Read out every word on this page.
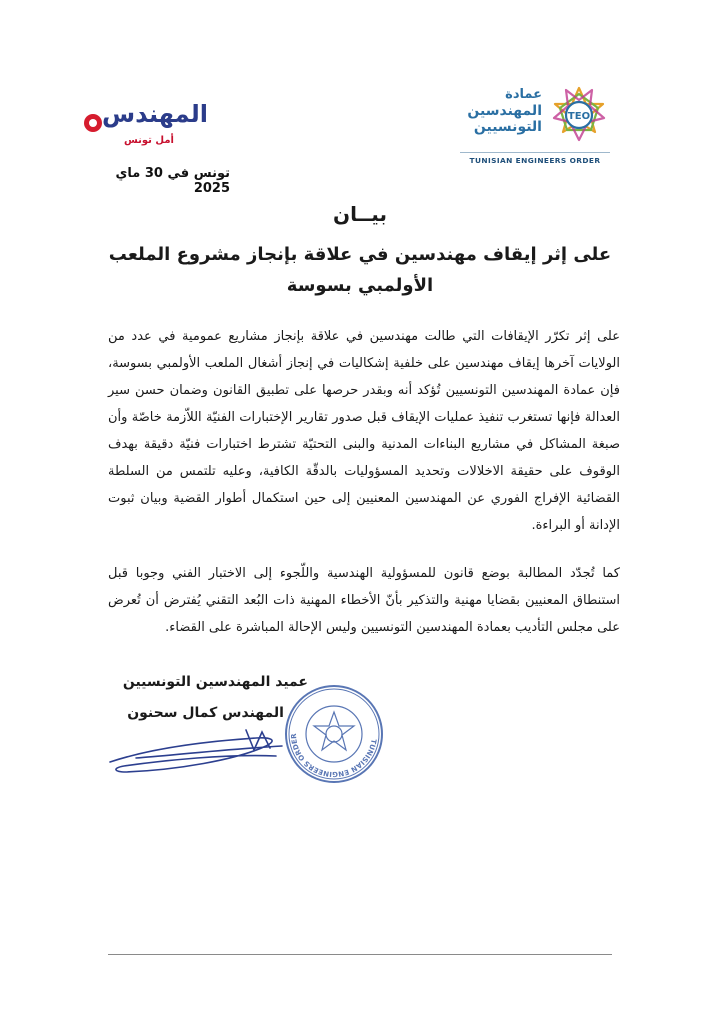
عمادة
المهندسين
التونسيين
TEO
TUNISIAN ENGINEERS ORDER
المهندس
أمل تونس
تونس في 30 ماي 2025
بيــان
على إثر إيقاف مهندسين في علاقة بإنجاز مشروع الملعب الأولمبي بسوسة

على إثر تكرّر الإيقافات التي طالت مهندسين في علاقة بإنجاز مشاريع عمومية في عدد من الولايات آخرها إيقاف مهندسين على خلفية إشكاليات في إنجاز أشغال الملعب الأولمبي بسوسة، فإن عمادة المهندسين التونسيين تُؤكد أنه وبقدر حرصها على تطبيق القانون وضمان حسن سير العدالة فإنها تستغرب تنفيذ عمليات الإيقاف قبل صدور تقارير الإختبارات الفنيّة اللاّزمة خاصّة وأن صبغة المشاكل في مشاريع البناءات المدنية والبنى التحتيّة تشترط اختبارات فنيّة دقيقة بهدف الوقوف على حقيقة الاخلالات وتحديد المسؤوليات بالدقّة الكافية، وعليه تلتمس من السلطة القضائية الإفراج الفوري عن المهندسين المعنيين إلى حين استكمال أطوار القضية وبيان ثبوت الإدانة أو البراءة.

كما تُجدّد المطالبة بوضع قانون للمسؤولية الهندسية واللّجوء إلى الاختبار الفني وجوبا قبل استنطاق المعنيين بقضايا مهنية والتذكير بأنّ الأخطاء المهنية ذات البُعد التقني يُفترض أن تُعرض على مجلس التأديب بعمادة المهندسين التونسيين وليس الإحالة المباشرة على القضاء.

عميد المهندسين التونسيين
المهندس كمال سحنون
TUNISIAN ENGINEERS ORDER
